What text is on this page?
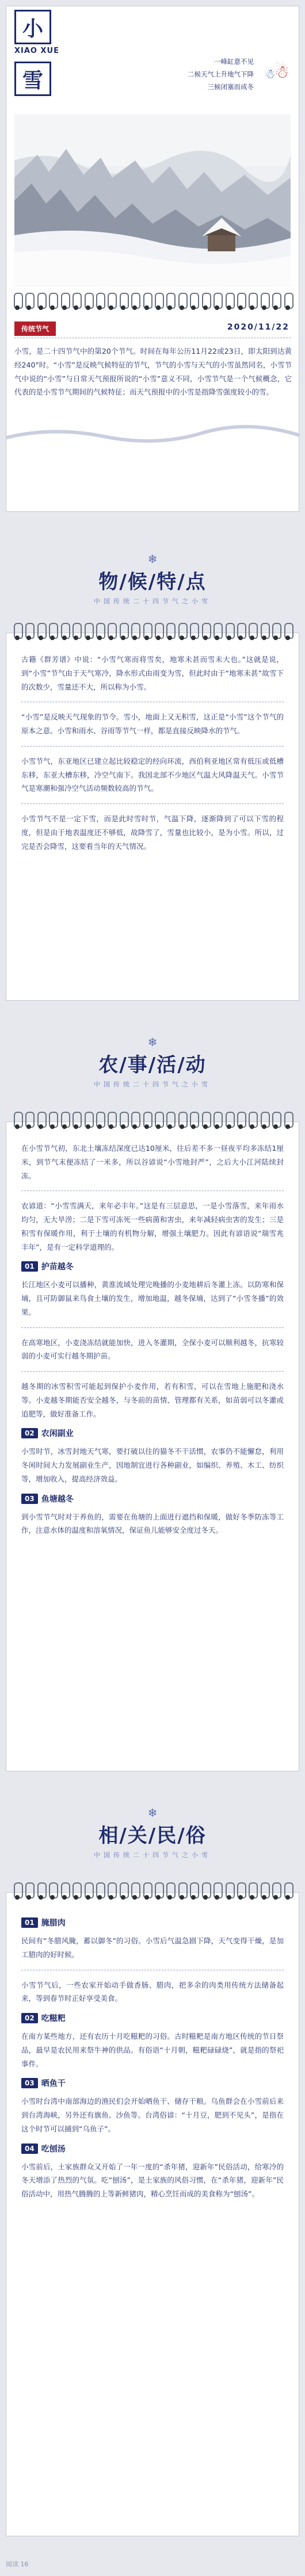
小
XIAO XUE
雪
一峰缸意不见
二候天气上升地气下降
三候闭塞而成冬
☃
☃
传统节气	2020/11/22

小雪，是二十四节气中的第20个节气。时间在每年公历11月22或23日，即太阳到达黄经240°时。“小雪”是反映气候特征的节气，节气的小雪与天气的小雪虽然同名，小雪节气中说的“小雪”与日常天气预报所说的“小雪”意义不同，小雪节气是一个气候概念，它代表的是小雪节气期间的气候特征；而天气预报中的小雪是指降雪强度较小的雪。

❄
物/候/特/点
中国传统二十四节气之小雪

古籍《群芳谱》中说：“小雪气寒而将雪矣，地寒未甚而雪未大也。”这就是说，到“小雪”节气由于天气寒冷，降水形式由雨变为雪，但此时由于“地寒未甚”故雪下的次数少，雪量还不大，所以称为小雪。

“小雪”是反映天气现象的节令。雪小，地面上又无积雪，这正是“小雪”这个节气的原本之意。小雪和雨水、谷雨等节气一样，都是直接反映降水的节气。

小雪节气，东亚地区已建立起比较稳定的经向环流，西伯利亚地区常有低压或低槽东移，东亚大槽东移，冷空气南下。我国北部不少地区气温大风降温天气。小雪节气是寒潮和强冷空气活动频数较高的节气。

小雪节气不是一定下雪，而是此时雪时节，气温下降，逐渐降到了可以下雪的程度，但是由于地表温度还不够低，故降雪了，雪量也比较小，是为小雪。所以，过完是否会降雪，这要看当年的天气情况。

❄
农/事/活/动
中国传统二十四节气之小雪

在小雪节气初，东北土壤冻结深度已达10厘米，往后差不多一昼夜平均多冻结1厘米，到节气末便冻结了一米多，所以谷谚说“小雪地封严”，之后大小江河陆续封冻。

农谚道：“小雪雪满天，来年必丰年。”这是有三层意思，一是小雪落雪，来年雨水均匀，无大旱涝；二是下雪可冻死一些病菌和害虫，来年减轻病虫害的发生；三是积雪有保暖作用，利于土壤的有机物分解，增强土壤肥力。因此有谚语说“瑞雪兆丰年”，是有一定科学道理的。

01 护苗越冬

长江地区小麦可以播种，黄淮流域处理完晚播的小麦地耕后冬灌上冻。以防寒和保墒，且可防御鼠来鸟食土壤的发生，增加地温，越冬保墒，达到了“小雪冬播”的效果。

在高寒地区，小麦浇冻结就能加快，进入冬灌期，全保小麦可以顺利越冬，抗寒较弱的小麦可实行越冬期护苗。

越冬期的冰雪积雪可能起到保护小麦作用，若有积雪，可以在雪地上施肥和浇水等。小麦越冬期能否安全越冬，与冬前的苗情、管理都有关系，如苗弱可以冬灌或追肥等，做好准备工作。

02 农闲副业

小雪时节，冰雪封地天气寒，要打破以往的猫冬不干活惯，农事仍不能懈怠，利用冬闲时间大力发展副业生产，因地制宜进行各种副业，如编织、养殖、木工、纺织等，增加收入，提高经济效益。

03 鱼塘越冬

到小雪节气时对于养鱼的，需要在鱼塘的上面进行遮挡和保暖，做好冬季防冻等工作，注意水体的温度和溶氧情况，保证鱼儿能够安全度过冬天。

❄
相/关/民/俗
中国传统二十四节气之小雪
01 腌腊肉

民间有“冬腊风腌，蓄以御冬”的习俗。小雪后气温急剧下降，天气变得干燥，是加工腊肉的好时候。

小雪节气后，一些农家开始动手做香肠、腊肉，把多余的肉类用传统方法储备起来，等到春节时正好享受美食。

02 吃糍粑

在南方某些地方，还有农历十月吃糍粑的习俗。古时糍粑是南方地区传统的节日祭品，最早是农民用来祭牛神的供品。有俗语“十月朝，糍粑碌碌烧”，就是指的祭祀事件。

03 晒鱼干

小雪时台湾中南部海边的渔民们会开始晒鱼干、储存干粮。乌鱼群会在小雪前后来到台湾海峡，另外还有旗鱼、沙鱼等。台湾俗谚：“十月豆，肥到不见头”，是指在这个时节可以捕到“乌鱼子”。

04 吃刨汤

小雪前后，土家族群众又开始了一年一度的“杀年猪，迎新年”民俗活动，给寒冷的冬天增添了热烈的气氛。吃“刨汤”，是土家族的风俗习惯，在“杀年猪，迎新年”民俗活动中，用热气腾腾的上等新鲜猪肉，精心烹饪而成的美食称为“刨汤”。

阅读 16
